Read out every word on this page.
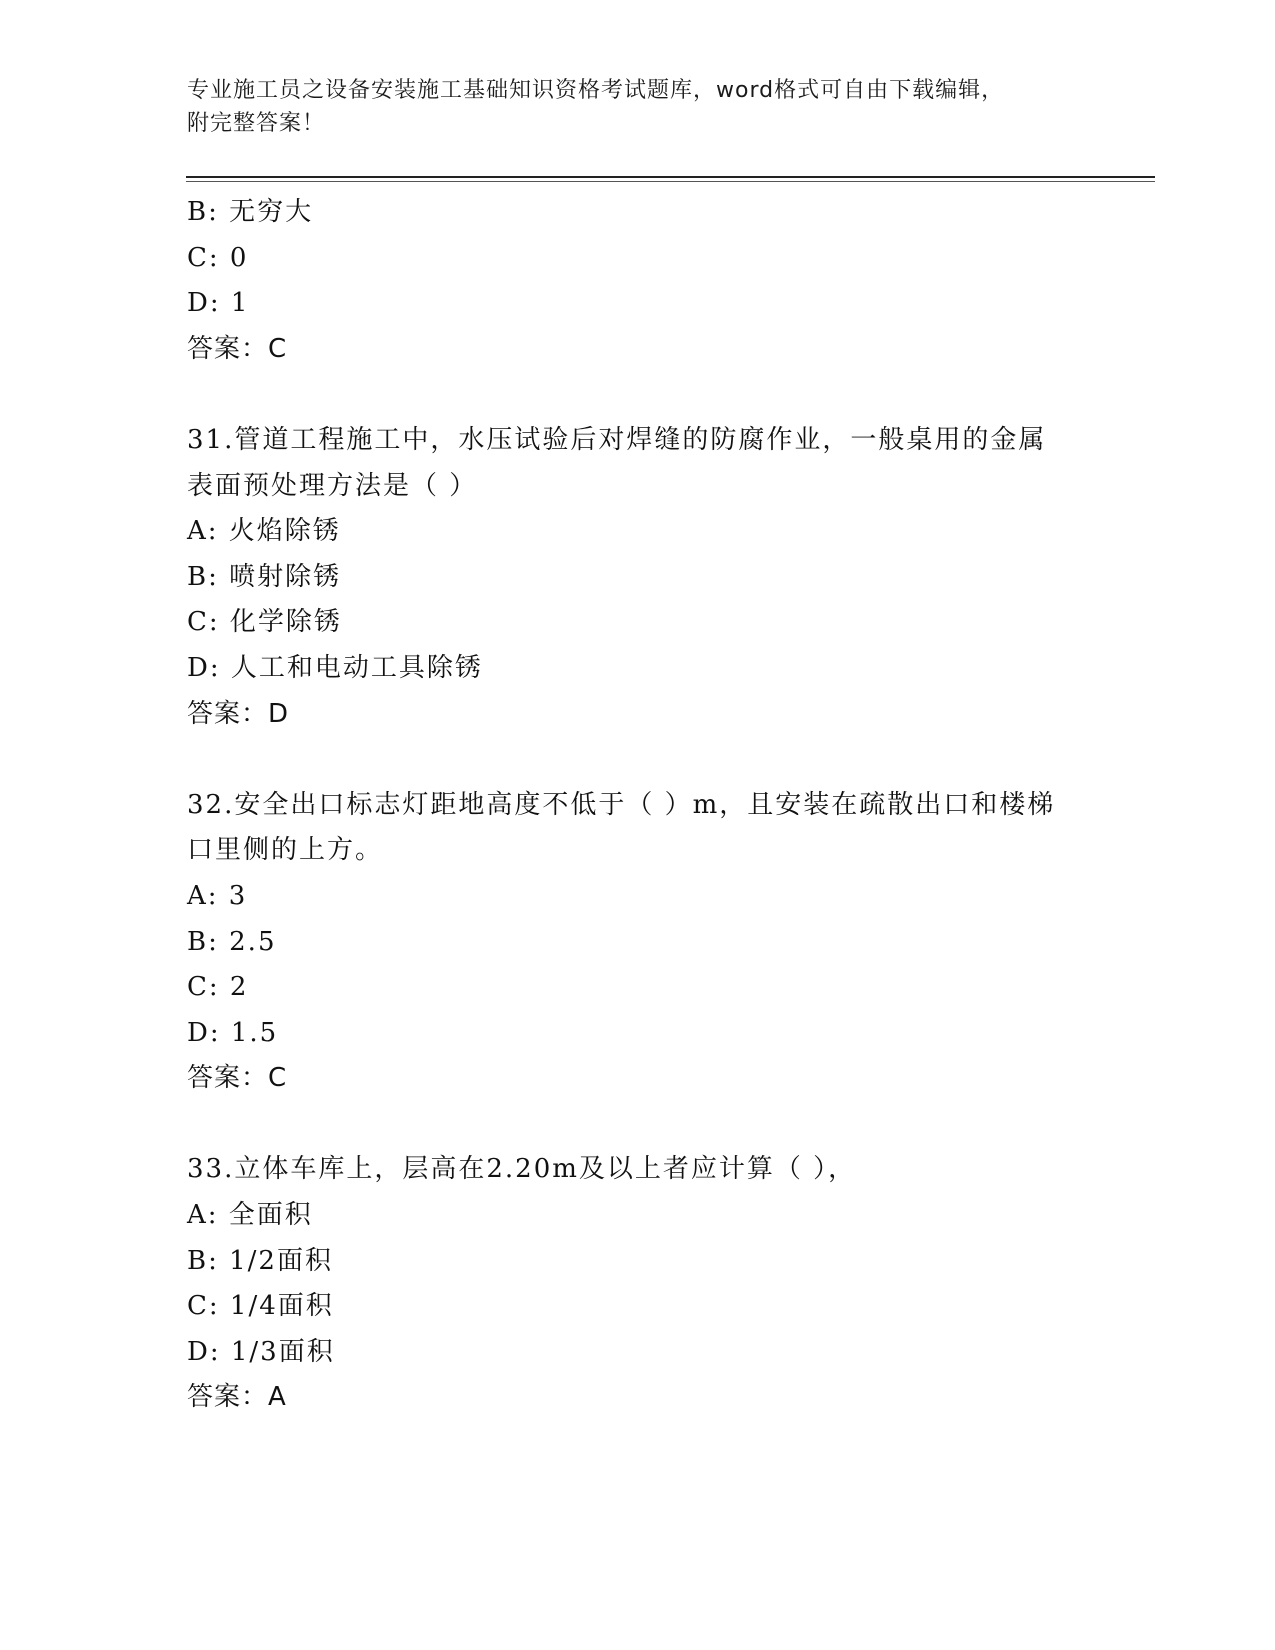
专业施工员之设备安装施工基础知识资格考试题库，word格式可自由下载编辑，
附完整答案！
B: 无穷大
C: 0
D: 1
答案：C
31.管道工程施工中，水压试验后对焊缝的防腐作业，一般桌用的金属
表面预处理方法是（ ）
A: 火焰除锈
B: 喷射除锈
C: 化学除锈
D: 人工和电动工具除锈
答案：D
32.安全出口标志灯距地高度不低于（ ）m，且安装在疏散出口和楼梯
口里侧的上方。
A: 3
B: 2.5
C: 2
D: 1.5
答案：C
33.立体车库上，层高在2.20m及以上者应计算（ ），
A: 全面积
B: 1/2面积
C: 1/4面积
D: 1/3面积
答案：A
